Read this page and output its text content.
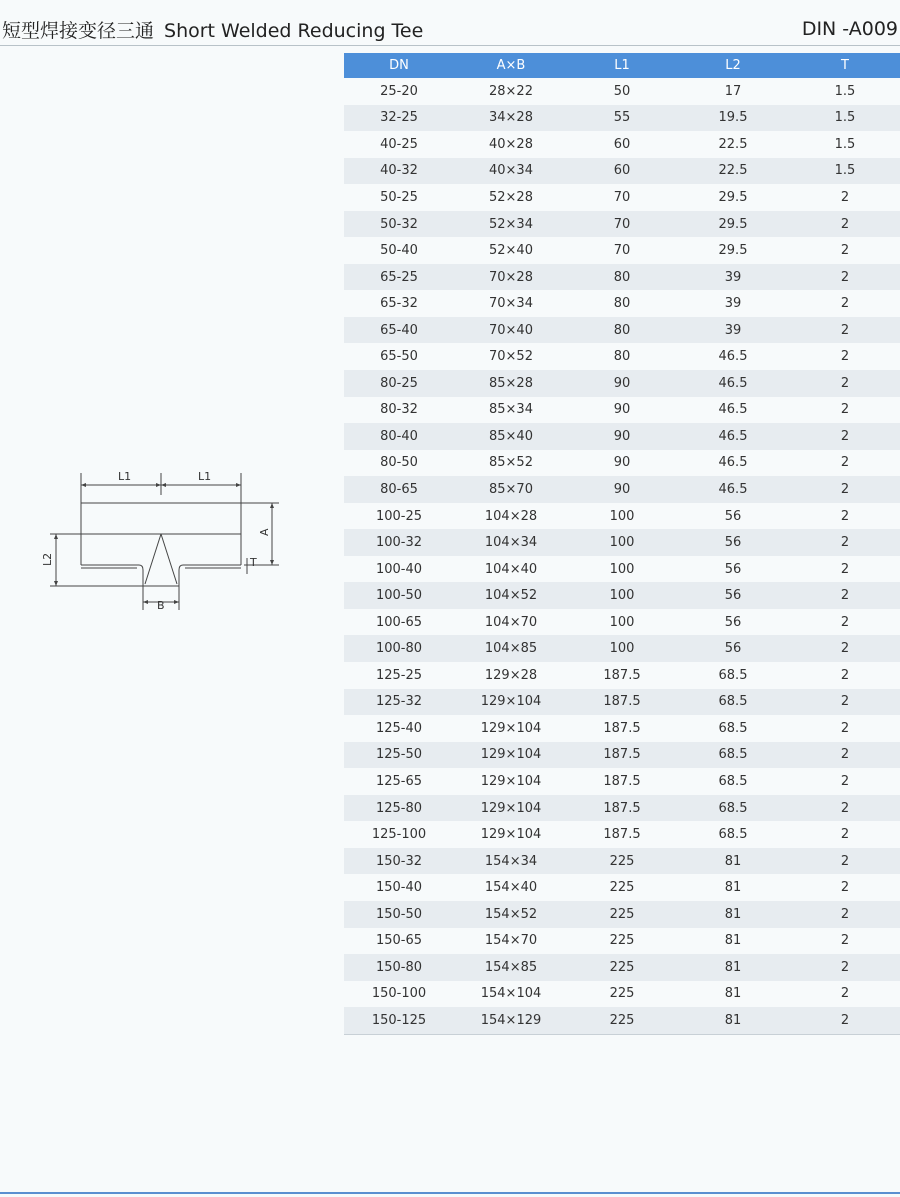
短型焊接变径三通 Short Welded Reducing Tee	DIN -A009
L1	L1
A
L2	T
B
DN	A×B	L1	L2	T
25-20	28×22	50	17	1.5
32-25	34×28	55	19.5	1.5
40-25	40×28	60	22.5	1.5
40-32	40×34	60	22.5	1.5
50-25	52×28	70	29.5	2
50-32	52×34	70	29.5	2
50-40	52×40	70	29.5	2
65-25	70×28	80	39	2
65-32	70×34	80	39	2
65-40	70×40	80	39	2
65-50	70×52	80	46.5	2
80-25	85×28	90	46.5	2
80-32	85×34	90	46.5	2
80-40	85×40	90	46.5	2
80-50	85×52	90	46.5	2
80-65	85×70	90	46.5	2
100-25	104×28	100	56	2
100-32	104×34	100	56	2
100-40	104×40	100	56	2
100-50	104×52	100	56	2
100-65	104×70	100	56	2
100-80	104×85	100	56	2
125-25	129×28	187.5	68.5	2
125-32	129×104	187.5	68.5	2
125-40	129×104	187.5	68.5	2
125-50	129×104	187.5	68.5	2
125-65	129×104	187.5	68.5	2
125-80	129×104	187.5	68.5	2
125-100	129×104	187.5	68.5	2
150-32	154×34	225	81	2
150-40	154×40	225	81	2
150-50	154×52	225	81	2
150-65	154×70	225	81	2
150-80	154×85	225	81	2
150-100	154×104	225	81	2
150-125	154×129	225	81	2
